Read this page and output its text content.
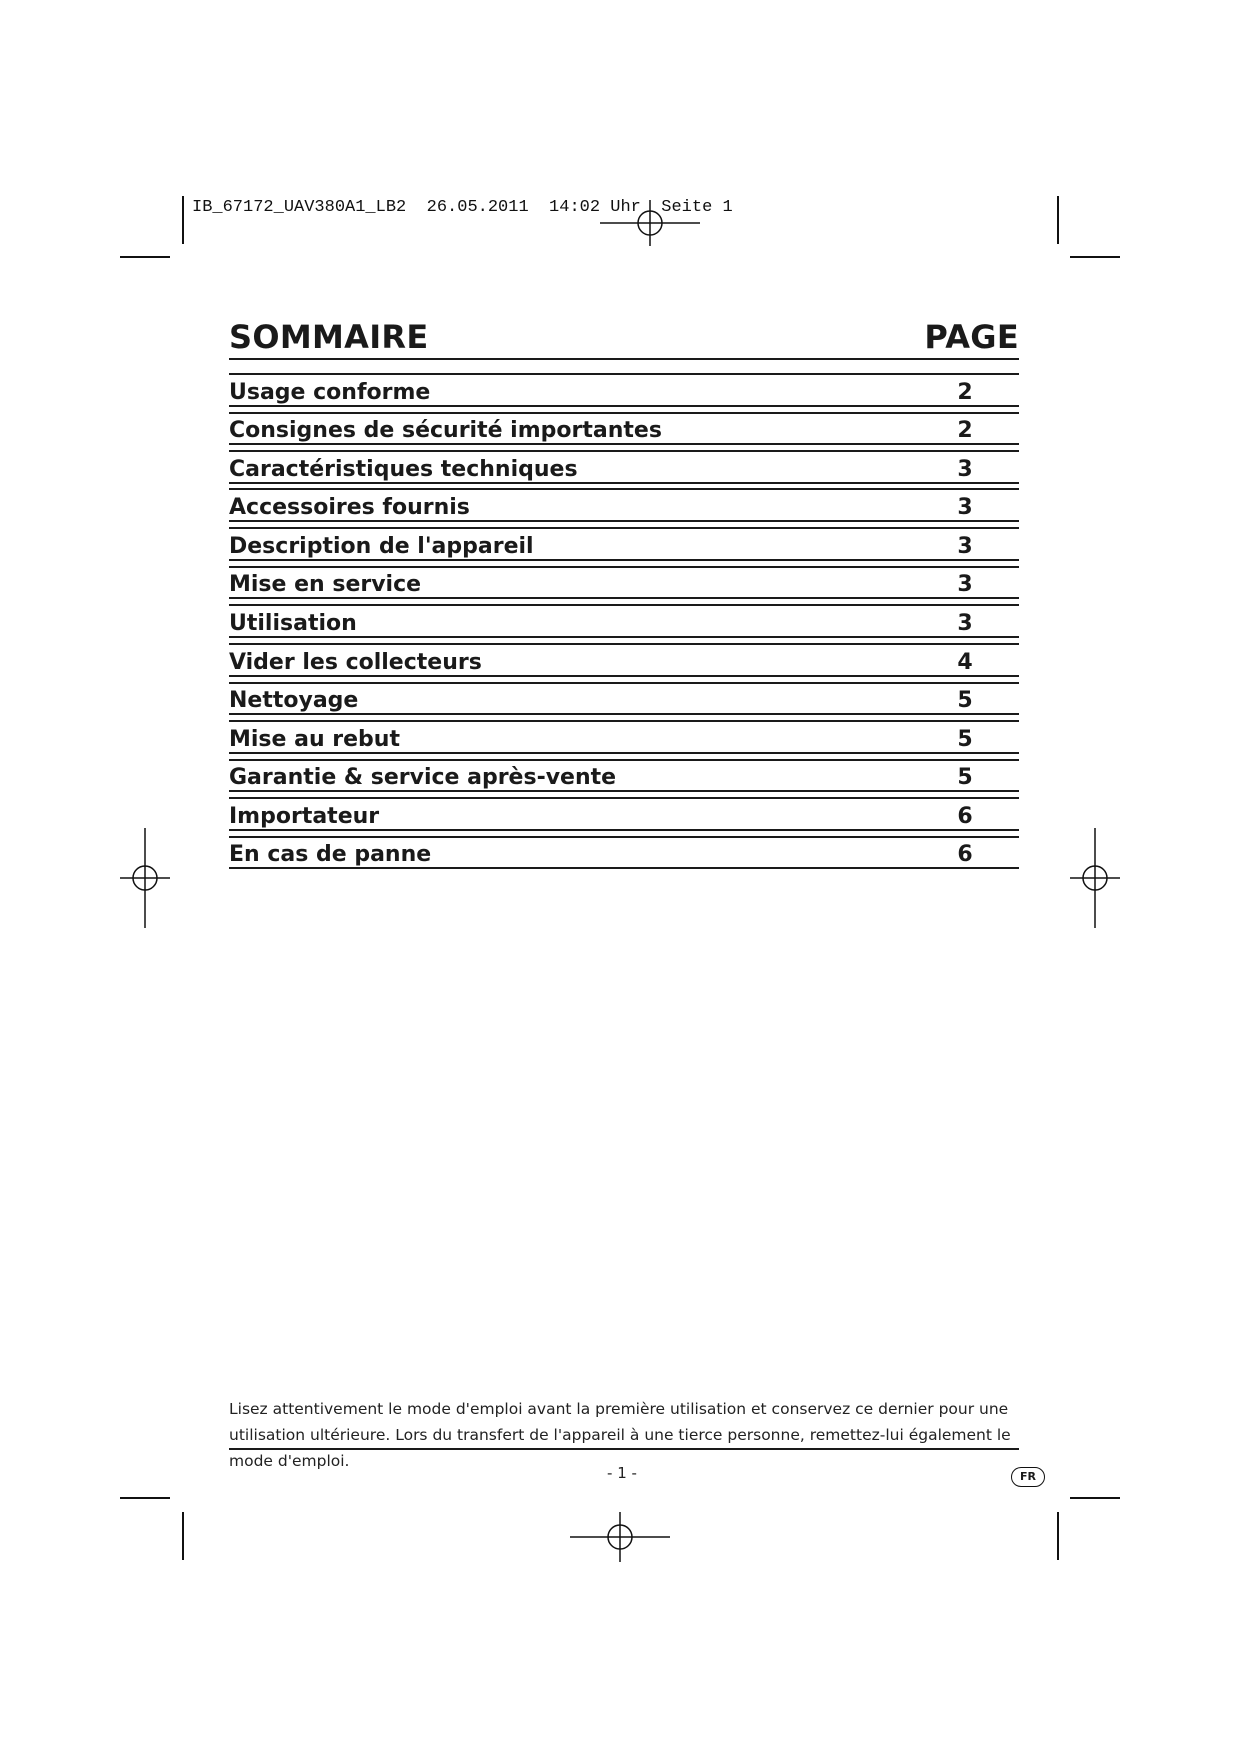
IB_67172_UAV380A1_LB2  26.05.2011  14:02 Uhr  Seite 1
SOMMAIRE	PAGE
Usage conforme	2
Consignes de sécurité importantes	2
Caractéristiques techniques	3
Accessoires fournis	3
Description de l'appareil	3
Mise en service	3
Utilisation	3
Vider les collecteurs	4
Nettoyage	5
Mise au rebut	5
Garantie & service après-vente	5
Importateur	6
En cas de panne	6
Lisez attentivement le mode d'emploi avant la première utilisation et conservez ce dernier pour une utilisation ultérieure. Lors du transfert de l'appareil à une tierce personne, remettez-lui également le mode d'emploi.
- 1 -	FR
